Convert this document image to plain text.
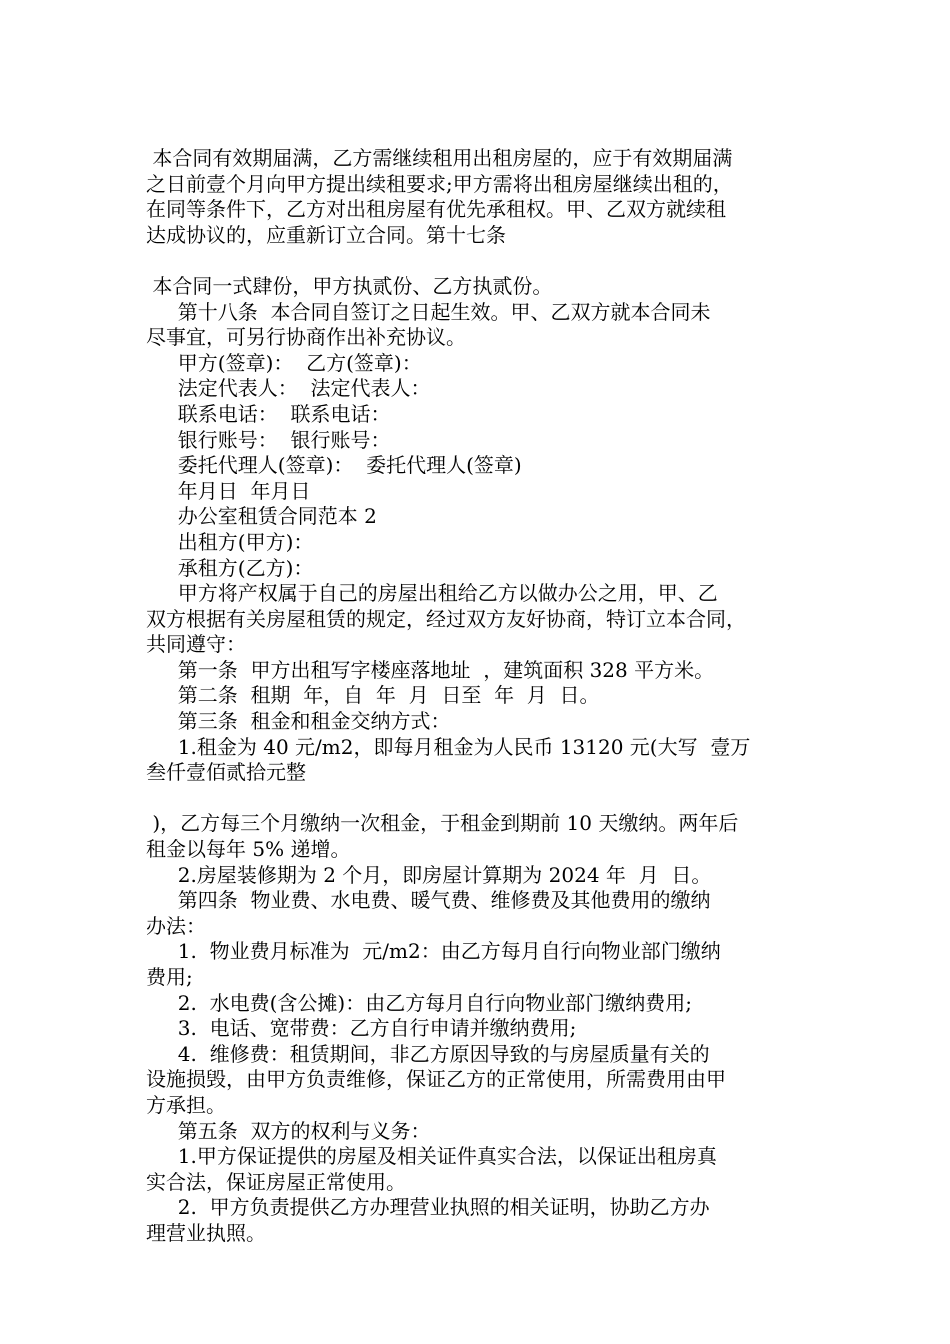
本合同有效期届满，乙方需继续租用出租房屋的，应于有效期届满
之日前壹个月向甲方提出续租要求;甲方需将出租房屋继续出租的，
在同等条件下，乙方对出租房屋有优先承租权。甲、乙双方就续租
达成协议的，应重新订立合同。第十七条
本合同一式肆份，甲方执贰份、乙方执贰份。
第十八条  本合同自签订之日起生效。甲、乙双方就本合同未
尽事宜，可另行协商作出补充协议。
甲方(签章)：  乙方(签章)：
法定代表人：  法定代表人：
联系电话：  联系电话：
银行账号：  银行账号：
委托代理人(签章)：  委托代理人(签章)
年月日  年月日
办公室租赁合同范本 2
出租方(甲方)：
承租方(乙方)：
甲方将产权属于自己的房屋出租给乙方以做办公之用，甲、乙
双方根据有关房屋租赁的规定，经过双方友好协商，特订立本合同，
共同遵守：
第一条  甲方出租写字楼座落地址  ，建筑面积 328 平方米。
第二条  租期  年，自  年  月  日至  年  月  日。
第三条  租金和租金交纳方式：
1.租金为 40 元/m2，即每月租金为人民币 13120 元(大写  壹万
叁仟壹佰贰拾元整
)，乙方每三个月缴纳一次租金，于租金到期前 10 天缴纳。两年后
租金以每年 5% 递增。
2.房屋装修期为 2 个月，即房屋计算期为 2024 年  月  日。
第四条  物业费、水电费、暖气费、维修费及其他费用的缴纳
办法：
1.  物业费月标准为  元/m2：由乙方每月自行向物业部门缴纳
费用;
2.  水电费(含公摊)：由乙方每月自行向物业部门缴纳费用;
3.  电话、宽带费：乙方自行申请并缴纳费用;
4.  维修费：租赁期间，非乙方原因导致的与房屋质量有关的
设施损毁，由甲方负责维修，保证乙方的正常使用，所需费用由甲
方承担。
第五条  双方的权利与义务：
1.甲方保证提供的房屋及相关证件真实合法，以保证出租房真
实合法，保证房屋正常使用。
2.  甲方负责提供乙方办理营业执照的相关证明，协助乙方办
理营业执照。
